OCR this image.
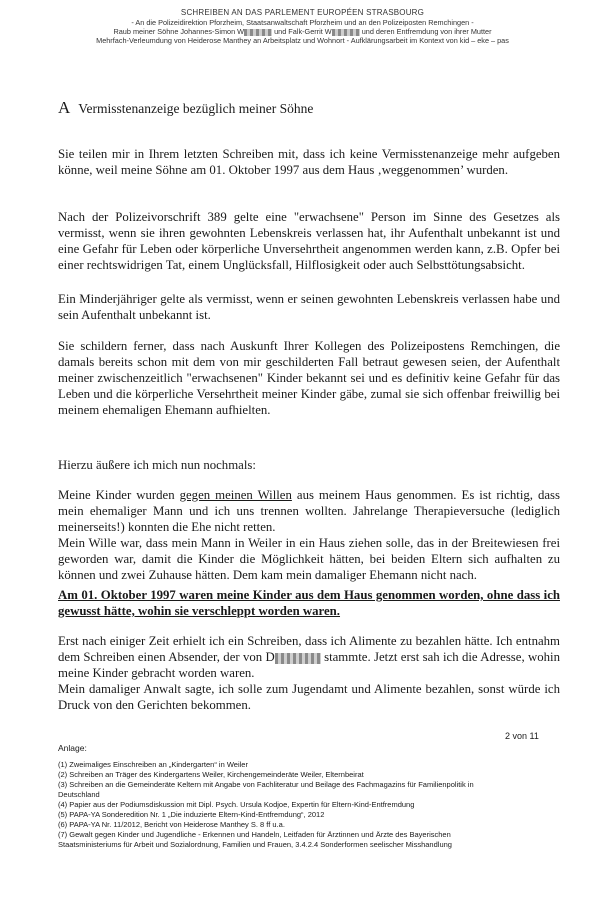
SCHREIBEN AN DAS PARLEMENT EUROPÉEN STRASBOURG
- An die Polizeidirektion Pforzheim, Staatsanwaltschaft Pforzheim und an den Polizeiposten Remchingen -
Raub meiner Söhne Johannes-Simon W	und Falk-Gerrit W	und deren Entfremdung von ihrer Mutter
Mehrfach-Verleumdung von Heiderose Manthey an Arbeitsplatz und Wohnort - Aufklärungsarbeit im Kontext von kid – eke – pas
A Vermisstenanzeige bezüglich meiner Söhne

Sie teilen mir in Ihrem letzten Schreiben mit, dass ich keine Vermisstenanzeige mehr aufgeben könne, weil meine Söhne am 01. Oktober 1997 aus dem Haus ‚weggenommen’ wurden.

Nach der Polizeivorschrift 389 gelte eine "erwachsene" Person im Sinne des Gesetzes als vermisst, wenn sie ihren gewohnten Lebenskreis verlassen hat, ihr Aufenthalt unbekannt ist und eine Gefahr für Leben oder körperliche Unversehrtheit angenommen werden kann, z.B. Opfer bei einer rechtswidrigen Tat, einem Unglücksfall, Hilflosigkeit oder auch Selbsttötungsabsicht.

Ein Minderjähriger gelte als vermisst, wenn er seinen gewohnten Lebenskreis verlassen habe und sein Aufenthalt unbekannt ist.

Sie schildern ferner, dass nach Auskunft Ihrer Kollegen des Polizeipostens Remchingen, die damals bereits schon mit dem von mir geschilderten Fall betraut gewesen seien, der Aufenthalt meiner zwischenzeitlich "erwachsenen" Kinder bekannt sei und es definitiv keine Gefahr für das Leben und die körperliche Versehrtheit meiner Kinder gäbe, zumal sie sich offenbar freiwillig bei meinem ehemaligen Ehemann aufhielten.

Hierzu äußere ich mich nun nochmals:

Meine Kinder wurden gegen meinen Willen aus meinem Haus genommen. Es ist richtig, dass mein ehemaliger Mann und ich uns trennen wollten. Jahrelange Therapieversuche (lediglich meinerseits!) konnten die Ehe nicht retten.

Mein Wille war, dass mein Mann in Weiler in ein Haus ziehen solle, das in der Breitewiesen frei geworden war, damit die Kinder die Möglichkeit hätten, bei beiden Eltern sich aufhalten zu können und zwei Zuhause hätten. Dem kam mein damaliger Ehemann nicht nach.

Am 01. Oktober 1997 waren meine Kinder aus dem Haus genommen worden, ohne dass ich gewusst hätte, wohin sie verschleppt worden waren.

Erst nach einiger Zeit erhielt ich ein Schreiben, dass ich Alimente zu bezahlen hätte. Ich entnahm dem Schreiben einen Absender, der von D	stammte. Jetzt erst sah ich die Adresse, wohin meine Kinder gebracht worden waren.

Mein damaliger Anwalt sagte, ich solle zum Jugendamt und Alimente bezahlen, sonst würde ich Druck von den Gerichten bekommen.

2 von 11
Anlage:
(1) Zweimaliges Einschreiben an „Kindergarten“ in Weiler
(2) Schreiben an Träger des Kindergartens Weiler, Kirchengemeinderäte Weiler, Elternbeirat
(3) Schreiben an die Gemeinderäte Keltern mit Angabe von Fachliteratur und Beilage des Fachmagazins für Familienpolitik in
Deutschland
(4) Papier aus der Podiumsdiskussion mit Dipl. Psych. Ursula Kodjoe, Expertin für Eltern-Kind-Entfremdung
(5) PAPA-YA Sonderedition Nr. 1 „Die induzierte Eltern-Kind-Entfremdung“, 2012
(6) PAPA-YA Nr. 11/2012, Bericht von Heiderose Manthey S. 8 ff u.a.
(7) Gewalt gegen Kinder und Jugendliche - Erkennen und Handeln, Leitfaden für Ärztinnen und Ärzte des Bayerischen
Staatsministeriums für Arbeit und Sozialordnung, Familien und Frauen, 3.4.2.4 Sonderformen seelischer Misshandlung
